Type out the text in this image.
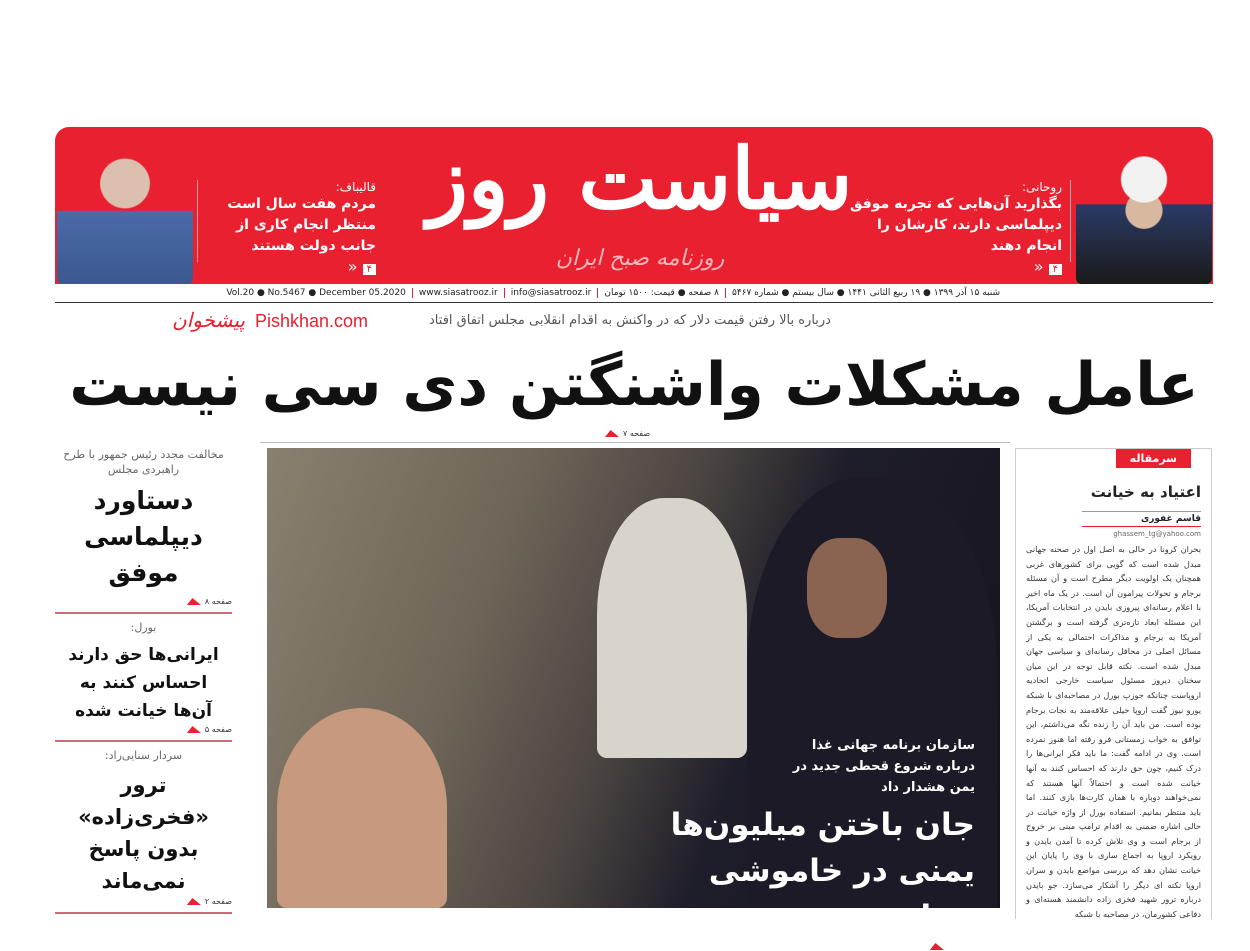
سیاست روز
روزنامه صبح ایران
روحانی:
بگذارید آن‌هایی که تجربه موفق دیپلماسی دارند، کارشان را انجام دهند
۴ «
قالیباف:
مردم هفت سال است منتظر انجام کاری از جانب دولت هستند
۴ «
شنبه ۱۵ آذر ۱۳۹۹ ● ۱۹ ربیع الثانی ۱۴۴۱ ● سال بیستم ● شماره ۵۴۶۷
۸ صفحه ● قیمت: ۱۵۰۰ تومان
info@siasatrooz.ir
www.siasatrooz.ir
Vol.20 ● No.5467 ● December 05.2020
درباره بالا رفتن قیمت دلار که در واکنش به اقدام انقلابی مجلس اتفاق افتاد
پیشخوان Pishkhan.com
عامل مشکلات واشنگتن دی سی نیست
صفحه ۷
مخالفت مجدد رئیس جمهور با طرح راهبردی مجلس
دستاورد دیپلماسی موفق
صفحه ۸
بورل:
ایرانی‌ها حق دارند احساس کنند به آن‌ها خیانت شده
صفحه ۵
سردار سنایی‌راد:
ترور «فخری‌زاده» بدون پاسخ نمی‌ماند
صفحه ۲
سازمان برنامه جهانی غذا درباره شروع قحطی جدید در یمن هشدار داد
جان باختن میلیون‌ها یمنی در خاموشی جهان
صفحه ۶
سرمقاله
اعتیاد به خیانت
قاسم غفوری
ghassem_tg@yahoo.com

بحران کرونا در حالی به اصل اول در صحنه جهانی مبدل شده است که گویی برای کشورهای غربی همچنان یک اولویت دیگر مطرح است و آن مسئله برجام و تحولات پیرامون آن است. در یک ماه اخیر با اعلام رسانه‌ای پیروزی بایدن در انتخابات آمریکا، این مسئله ابعاد تازه‌تری گرفته است و برگشتن آمریکا به برجام و مذاکرات احتمالی به یکی از مسائل اصلی در محافل رسانه‌ای و سیاسی جهان مبدل شده است. نکته قابل توجه در این میان سخنان دیروز مسئول سیاست خارجی اتحادیه اروپاست چنانکه جوزپ بورل در مصاحبه‌ای با شبکه یورو نیوز گفت اروپا خیلی علاقه‌مند به نجات برجام بوده است. من باید آن را زنده نگه می‌داشتم، این توافق به خواب زمستانی فرو رفته اما هنوز نمرده است. وی در ادامه گفت: ما باید فکر ایرانی‌ها را درک کنیم، چون حق دارند که احساس کنند به آنها خیانت شده است و احتمالاً آنها هستند که نمی‌خواهند دوباره با همان کارت‌ها بازی کنند. اما باید منتظر بمانیم. استفاده بورل از واژه خیانت در حالی اشاره ضمنی به اقدام ترامپ مبنی بر خروج از برجام است و وی تلاش کرده تا آمدن بایدن و رویکرد اروپا به اجماع سازی با وی را پایان این خیانت نشان دهد که بررسی مواضع بایدن و سران اروپا نکته ای دیگر را آشکار می‌سازد. جو بایدن درباره ترور شهید فخری زاده دانشمند هسته‌ای و دفاعی کشورمان، در مصاحبه با شبکه
